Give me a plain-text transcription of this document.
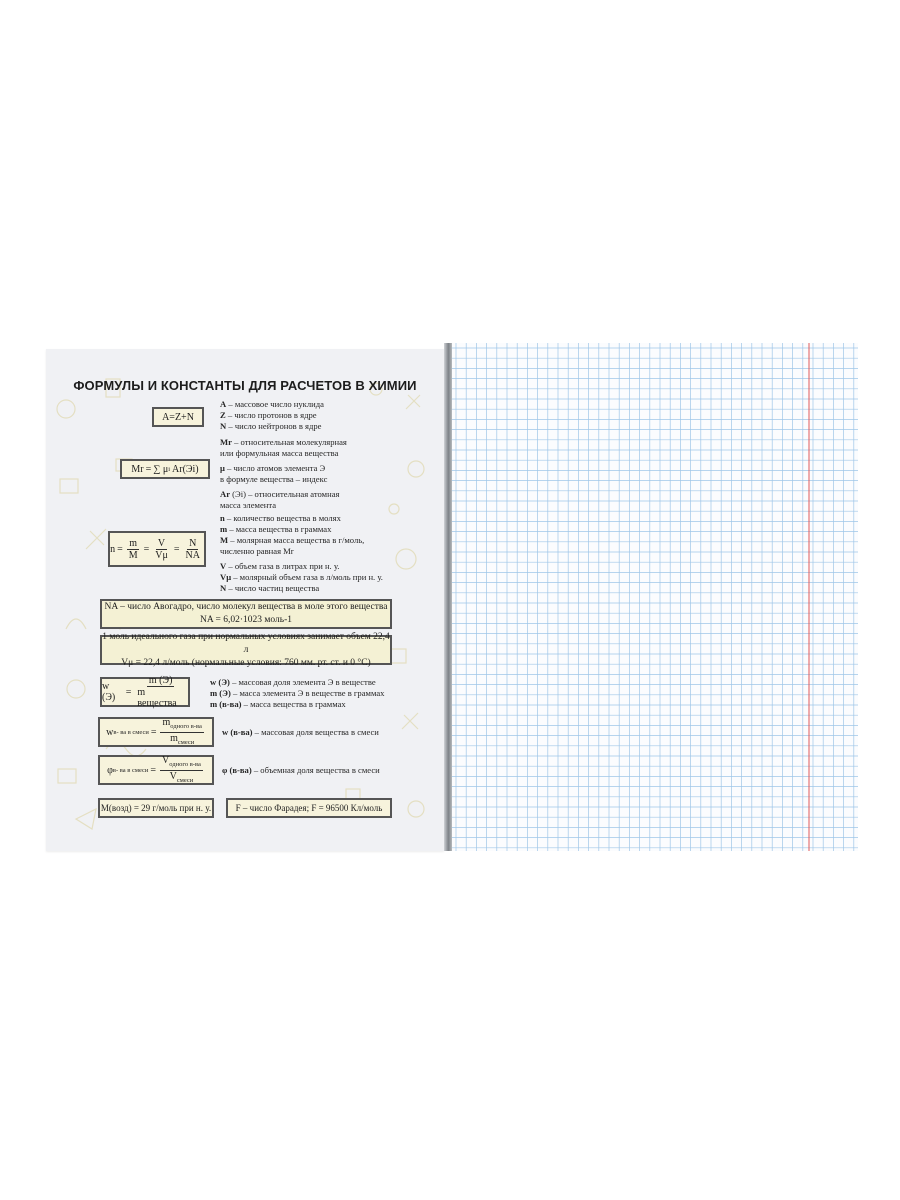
ФОРМУЛЫ И КОНСТАНТЫ ДЛЯ РАСЧЕТОВ В ХИМИИ
A=Z+N
A – массовое число нуклида
Z – число протонов в ядре
N – число нейтронов в ядре
Mr = ∑ μ i Ar(Эi)
Mr – относительная молекулярная
или формульная масса вещества
μ – число атомов элемента Э
в формуле вещества – индекс
Ar (Эi) – относительная атомная
масса элемента
$n = \frac{m}{M} = \frac{V}{V\mu} = \frac{N}{NA}$
n – количество вещества в молях
m – масса вещества в граммах
M – молярная масса вещества в г/моль,
численно равная Mr
V – объем газа в литрах при н. у.
Vμ – молярный объем газа в л/моль при н. у.
N – число частиц вещества
NA – число Авогадро, число молекул вещества в моле этого вещества
NA = 6,02·1023 моль-1
1 моль идеального газа при нормальных условиях занимает объем 22,4 л
Vμ = 22,4 л/моль (нормальные условия: 760 мм. рт. ст. и 0 °С)
w (Э)	= $\frac{m (Э)}{\text{m вещества}}$	w (Э) – массовая доля элемента Э в веществе
m (Э) – масса элемента Э в веществе в граммах
m (в-ва) – масса вещества в граммах
w в- ва в смеси = $\frac{m_{одного в-ва}}{m_{смеси}}$ w (в-ва) – массовая доля вещества в смеси
φ в- ва в смеси = $\frac{V_{одного в-ва}}{V_{смеси}}$ φ (в-ва) – объемная доля вещества в смеси
M(возд) = 29 г/моль при н. у.	F – число Фарадея; F = 96500 Кл/моль
